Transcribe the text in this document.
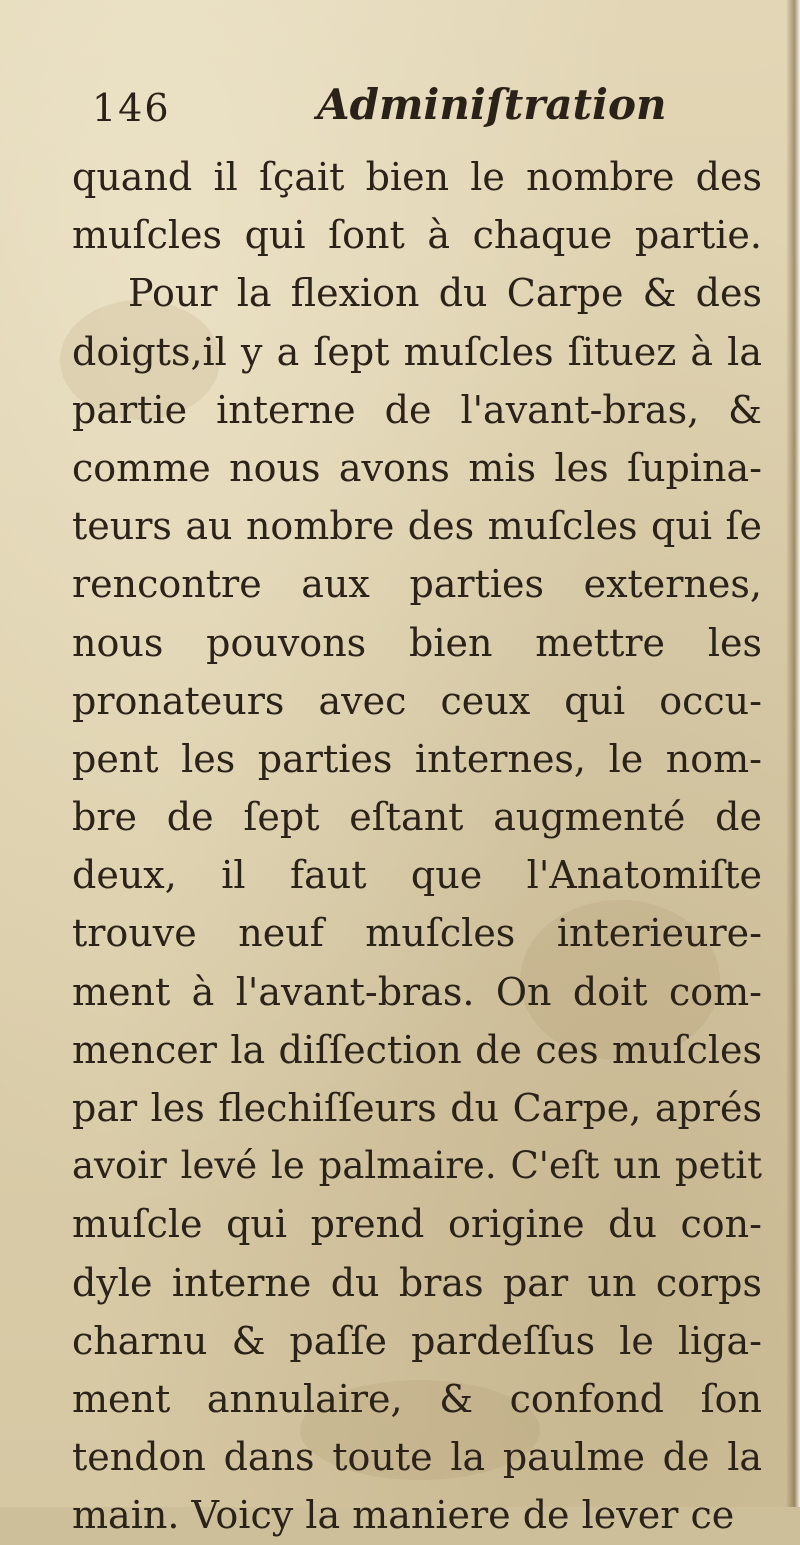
146	Adminiſtration
quand il ſçait bien le nombre des
muſcles qui ſont à chaque partie.
Pour la flexion du Carpe & des
doigts,il y a ſept muſcles ſituez à la
partie interne de l'avant-bras, &
comme nous avons mis les ſupina-
teurs au nombre des muſcles qui ſe
rencontre aux parties externes,
nous pouvons bien mettre les
pronateurs avec ceux qui occu-
pent les parties internes, le nom-
bre de ſept eſtant augmenté de
deux, il faut que l'Anatomiſte
trouve neuf muſcles interieure-
ment à l'avant-bras. On doit com-
mencer la diſſection de ces muſcles
par les flechiſſeurs du Carpe, aprés
avoir levé le palmaire. C'eſt un petit
muſcle qui prend origine du con-
dyle interne du bras par un corps
charnu & paſſe pardeſſus le liga-
ment annulaire, & confond ſon
tendon dans toute la paulme de la
main. Voicy la maniere de lever ce
